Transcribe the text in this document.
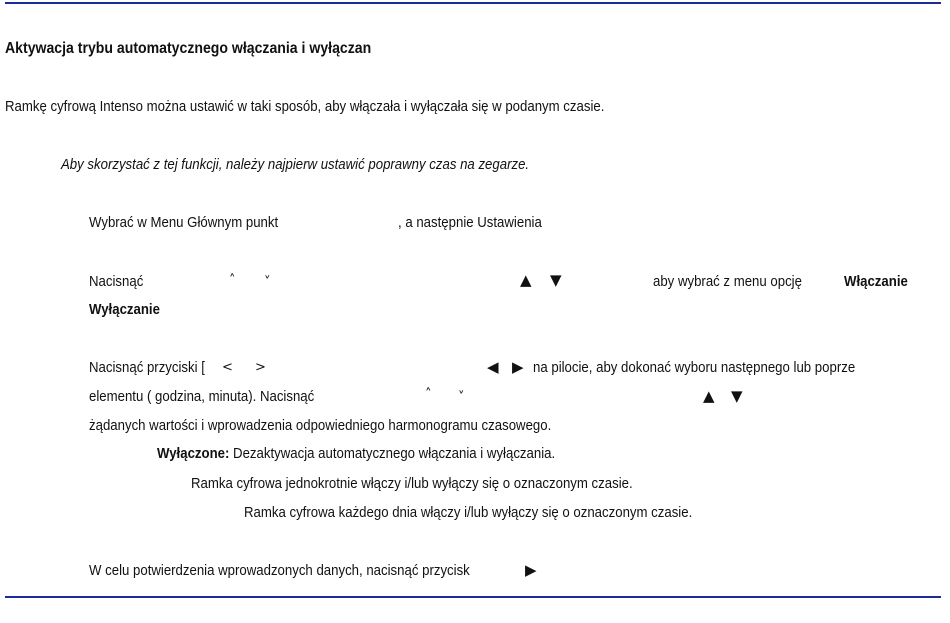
Aktywacja trybu automatycznego włączania i wyłączan
Ramkę cyfrową Intenso można ustawić w taki sposób, aby włączała i wyłączała się w podanym czasie.
Aby skorzystać z tej funkcji, należy najpierw ustawić poprawny czas na zegarze.
Wybrać w Menu Głównym punkt	, a następnie Ustawienia
Nacisnąć	˄ ˅	▲ ▼	aby wybrać z menu opcję	Włączanie
Wyłączanie
Nacisnąć przyciski [ < >	◀ ▶ na pilocie, aby dokonać wyboru następnego lub poprze
elementu ( godzina, minuta). Nacisnąć	˄ ˅	▲ ▼
żądanych wartości i wprowadzenia odpowiedniego harmonogramu czasowego.
Wyłączone: Dezaktywacja automatycznego włączania i wyłączania.
Ramka cyfrowa jednokrotnie włączy i/lub wyłączy się o oznaczonym czasie.
Ramka cyfrowa każdego dnia włączy i/lub wyłączy się o oznaczonym czasie.
W celu potwierdzenia wprowadzonych danych, nacisnąć przycisk	▶
